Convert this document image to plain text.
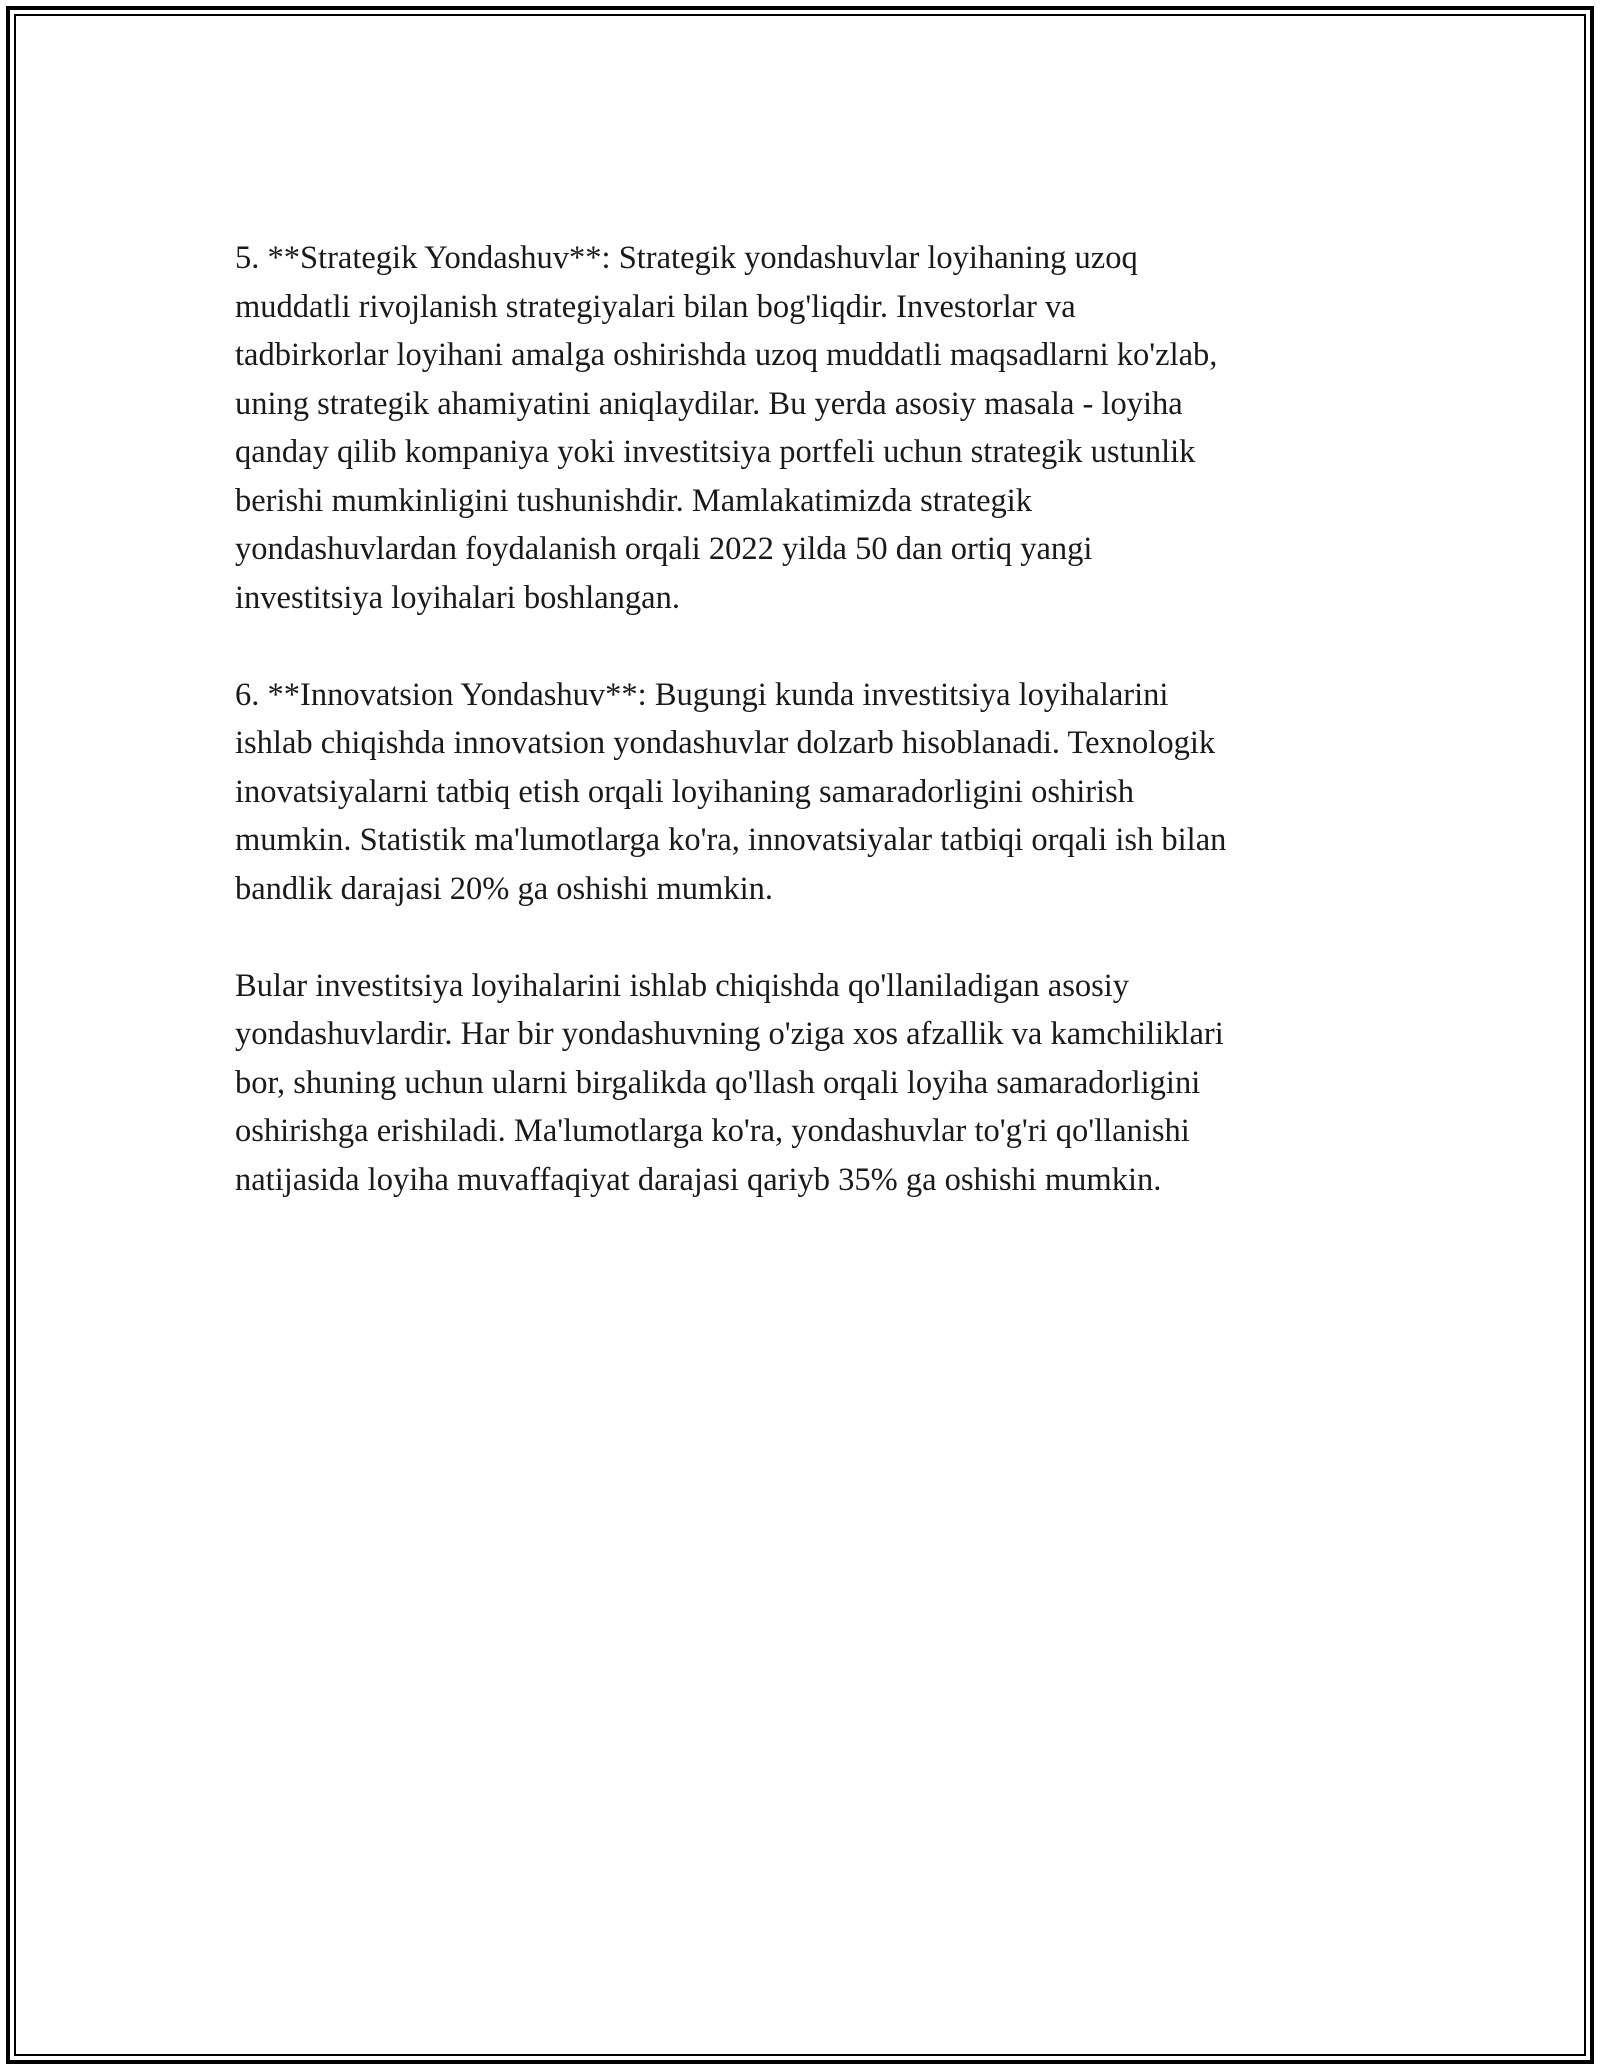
5. **Strategik Yondashuv**: Strategik yondashuvlar loyihaning uzoq
muddatli rivojlanish strategiyalari bilan bog'liqdir. Investorlar va
tadbirkorlar loyihani amalga oshirishda uzoq muddatli maqsadlarni ko'zlab,
uning strategik ahamiyatini aniqlaydilar. Bu yerda asosiy masala - loyiha
qanday qilib kompaniya yoki investitsiya portfeli uchun strategik ustunlik
berishi mumkinligini tushunishdir. Mamlakatimizda strategik
yondashuvlardan foydalanish orqali 2022 yilda 50 dan ortiq yangi
investitsiya loyihalari boshlangan.

6. **Innovatsion Yondashuv**: Bugungi kunda investitsiya loyihalarini
ishlab chiqishda innovatsion yondashuvlar dolzarb hisoblanadi. Texnologik
inovatsiyalarni tatbiq etish orqali loyihaning samaradorligini oshirish
mumkin. Statistik ma'lumotlarga ko'ra, innovatsiyalar tatbiqi orqali ish bilan
bandlik darajasi 20% ga oshishi mumkin.

Bular investitsiya loyihalarini ishlab chiqishda qo'llaniladigan asosiy
yondashuvlardir. Har bir yondashuvning o'ziga xos afzallik va kamchiliklari
bor, shuning uchun ularni birgalikda qo'llash orqali loyiha samaradorligini
oshirishga erishiladi. Ma'lumotlarga ko'ra, yondashuvlar to'g'ri qo'llanishi
natijasida loyiha muvaffaqiyat darajasi qariyb 35% ga oshishi mumkin.
